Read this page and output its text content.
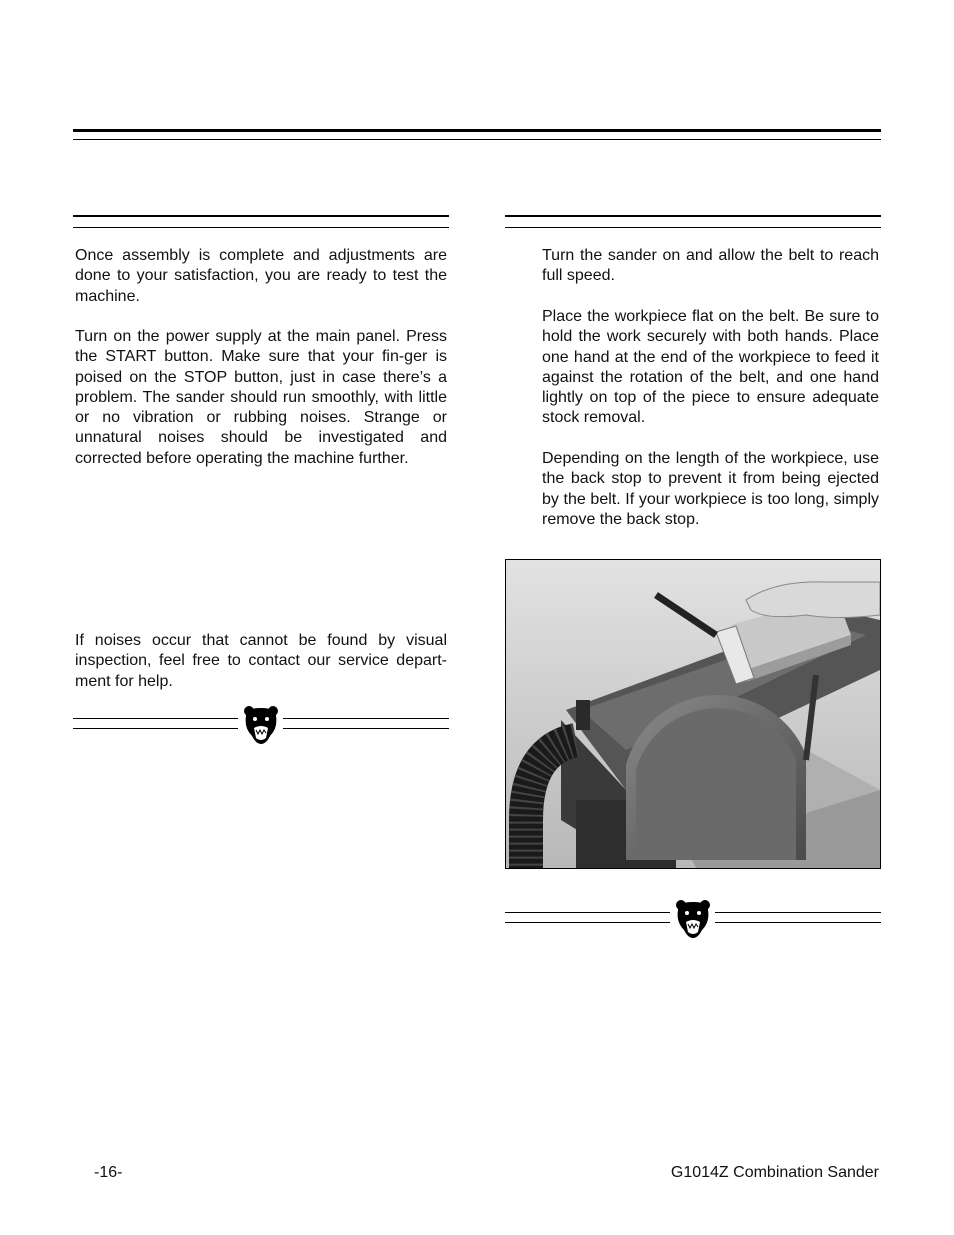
Once assembly is complete and adjustments are done to your satisfaction, you are ready to test the machine.

Turn on the power supply at the main panel. Press the START button. Make sure that your fin-ger is poised on the STOP button, just in case there’s a problem. The sander should run smoothly, with little or no vibration or rubbing noises. Strange or unnatural noises should be investigated and corrected before operating the machine further.

If noises occur that cannot be found by visual inspection, feel free to contact our service depart-ment for help.

Turn the sander on and allow the belt to reach full speed.

Place the workpiece flat on the belt. Be sure to hold the work securely with both hands. Place one hand at the end of the workpiece to feed it against the rotation of the belt, and one hand lightly on top of the piece to ensure adequate stock removal.

Depending on the length of the workpiece, use the back stop to prevent it from being ejected by the belt. If your workpiece is too long, simply remove the back stop.

-16-	G1014Z Combination Sander
